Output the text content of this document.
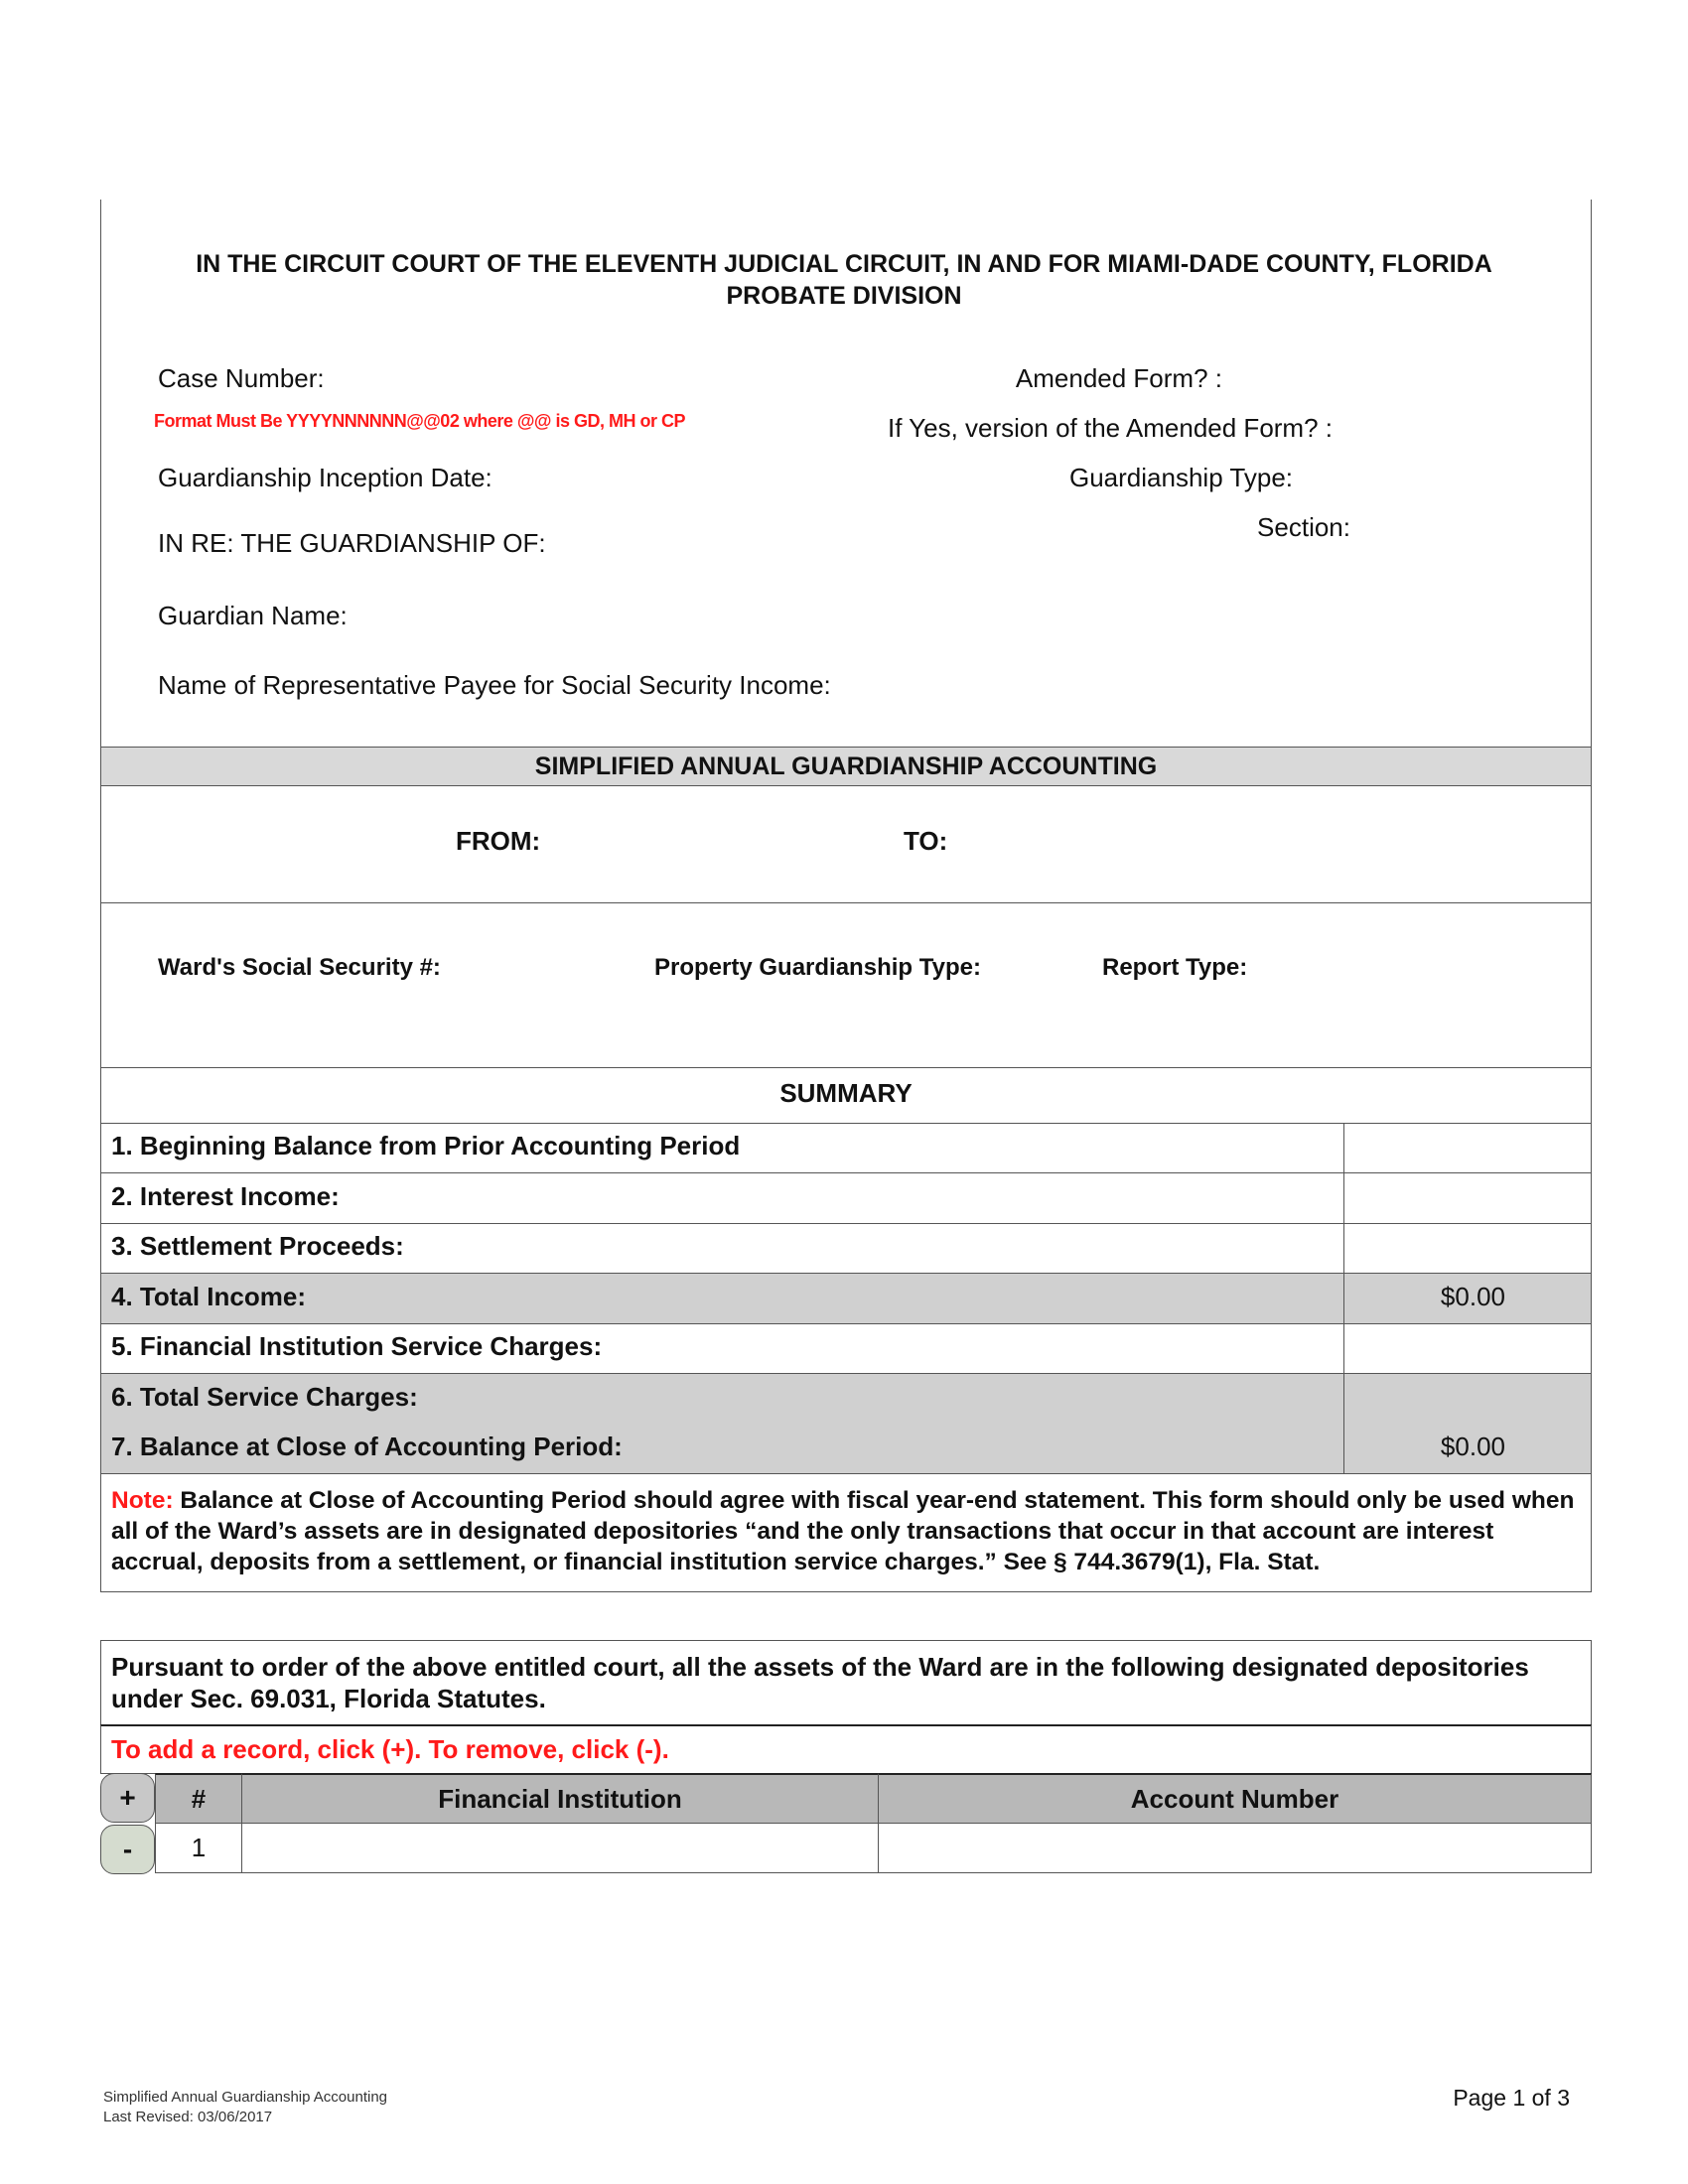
IN THE CIRCUIT COURT OF THE ELEVENTH JUDICIAL CIRCUIT, IN AND FOR MIAMI-DADE COUNTY, FLORIDA
PROBATE DIVISION
Case Number:
Format Must Be YYYYNNNNNN@@02 where @@ is GD, MH or CP
Amended Form? :
If Yes, version of the Amended Form? :
Guardianship Inception Date:	Guardianship Type:
Section:
IN RE: THE GUARDIANSHIP OF:
Guardian Name:
Name of Representative Payee for Social Security Income:
SIMPLIFIED ANNUAL GUARDIANSHIP ACCOUNTING
FROM:	TO:
Ward's Social Security #:	Property Guardianship Type:	Report Type:
SUMMARY
1. Beginning Balance from Prior Accounting Period
2. Interest Income:
3. Settlement Proceeds:
4. Total Income:	$0.00
5. Financial Institution Service Charges:
6. Total Service Charges:
7. Balance at Close of Accounting Period:	$0.00
Note: Balance at Close of Accounting Period should agree with fiscal year-end statement. This form should only be used when all of the Ward’s assets are in designated depositories “and the only transactions that occur in that account are interest accrual, deposits from a settlement, or financial institution service charges.” See § 744.3679(1), Fla. Stat.
Pursuant to order of the above entitled court, all the assets of the Ward are in the following designated depositories under Sec. 69.031, Florida Statutes.
To add a record, click (+). To remove, click (-).
#	Financial Institution	Account Number
+
1
-
Simplified Annual Guardianship Accounting
Last Revised: 03/06/2017
Page 1 of 3
